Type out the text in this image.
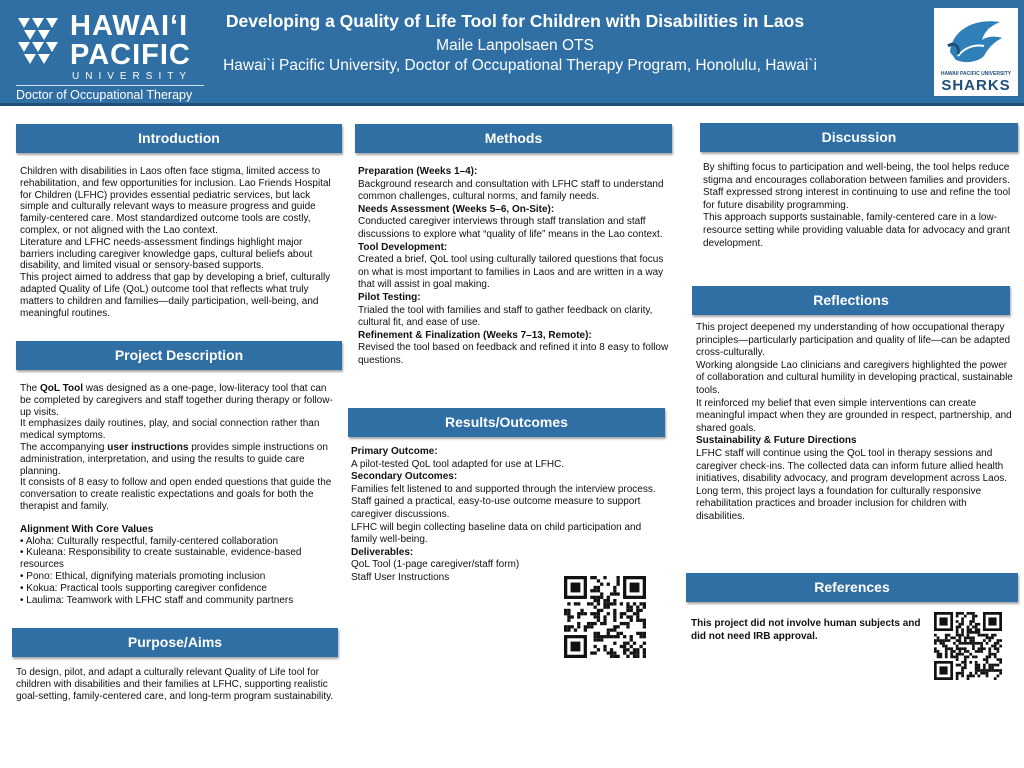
HAWAI‘I
PACIFIC
UNIVERSITY
Doctor of Occupational Therapy
Developing a Quality of Life Tool for Children with Disabilities in Laos
Maile Lanpolsaen OTS
Hawai`i Pacific University, Doctor of Occupational Therapy Program, Honolulu, Hawai`i	HAWAII PACIFIC UNIVERSITY
SHARKS
Introduction

Children with disabilities in Laos often face stigma, limited access to rehabilitation, and few opportunities for inclusion. Lao Friends Hospital for Children (LFHC) provides essential pediatric services, but lack simple and culturally relevant ways to measure progress and guide family-centered care. Most standardized outcome tools are costly, complex, or not aligned with the Lao context.

Literature and LFHC needs-assessment findings highlight major barriers including caregiver knowledge gaps, cultural beliefs about disability, and limited visual or sensory-based supports.

This project aimed to address that gap by developing a brief, culturally adapted Quality of Life (QoL) outcome tool that reflects what truly matters to children and families—daily participation, well-being, and meaningful routines.

Project Description

The QoL Tool was designed as a one-page, low-literacy tool that can be completed by caregivers and staff together during therapy or follow-up visits.

It emphasizes daily routines, play, and social connection rather than medical symptoms.

The accompanying user instructions provides simple instructions on administration, interpretation, and using the results to guide care planning.

It consists of 8 easy to follow and open ended questions that guide the conversation to create realistic expectations and goals for both the therapist and family.

Alignment With Core Values

• Aloha: Culturally respectful, family-centered collaboration

• Kuleana: Responsibility to create sustainable, evidence-based resources

• Pono: Ethical, dignifying materials promoting inclusion

• Kokua: Practical tools supporting caregiver confidence

• Laulima: Teamwork with LFHC staff and community partners

Purpose/Aims

To design, pilot, and adapt a culturally relevant Quality of Life tool for children with disabilities and their families at LFHC, supporting realistic goal-setting, family-centered care, and long-term program sustainability.

Methods

Preparation (Weeks 1–4):

Background research and consultation with LFHC staff to understand common challenges, cultural norms, and family needs.

Needs Assessment (Weeks 5–6, On-Site):

Conducted caregiver interviews through staff translation and staff discussions to explore what “quality of life” means in the Lao context.

Tool Development:

Created a brief, QoL tool using culturally tailored questions that focus on what is most important to families in Laos and are written in a way that will assist in goal making.

Pilot Testing:

Trialed the tool with families and staff to gather feedback on clarity, cultural fit, and ease of use.

Refinement & Finalization (Weeks 7–13, Remote):

Revised the tool based on feedback and refined it into 8 easy to follow questions.

Results/Outcomes

Primary Outcome:

A pilot-tested QoL tool adapted for use at LFHC.

Secondary Outcomes:

Families felt listened to and supported through the interview process.

Staff gained a practical, easy-to-use outcome measure to support caregiver discussions.

LFHC will begin collecting baseline data on child participation and family well-being.

Deliverables:

QoL Tool (1-page caregiver/staff form)

Staff User Instructions

Discussion

By shifting focus to participation and well-being, the tool helps reduce stigma and encourages collaboration between families and providers.

Staff expressed strong interest in continuing to use and refine the tool for future disability programming.

This approach supports sustainable, family-centered care in a low-resource setting while providing valuable data for advocacy and grant development.

Reflections

This project deepened my understanding of how occupational therapy principles—particularly participation and quality of life—can be adapted cross-culturally.

Working alongside Lao clinicians and caregivers highlighted the power of collaboration and cultural humility in developing practical, sustainable tools.

It reinforced my belief that even simple interventions can create meaningful impact when they are grounded in respect, partnership, and shared goals.

Sustainability & Future Directions

LFHC staff will continue using the QoL tool in therapy sessions and caregiver check-ins. The collected data can inform future allied health initiatives, disability advocacy, and program development across Laos.

Long term, this project lays a foundation for culturally responsive rehabilitation practices and broader inclusion for children with disabilities.

References

This project did not involve human subjects and did not need IRB approval.
